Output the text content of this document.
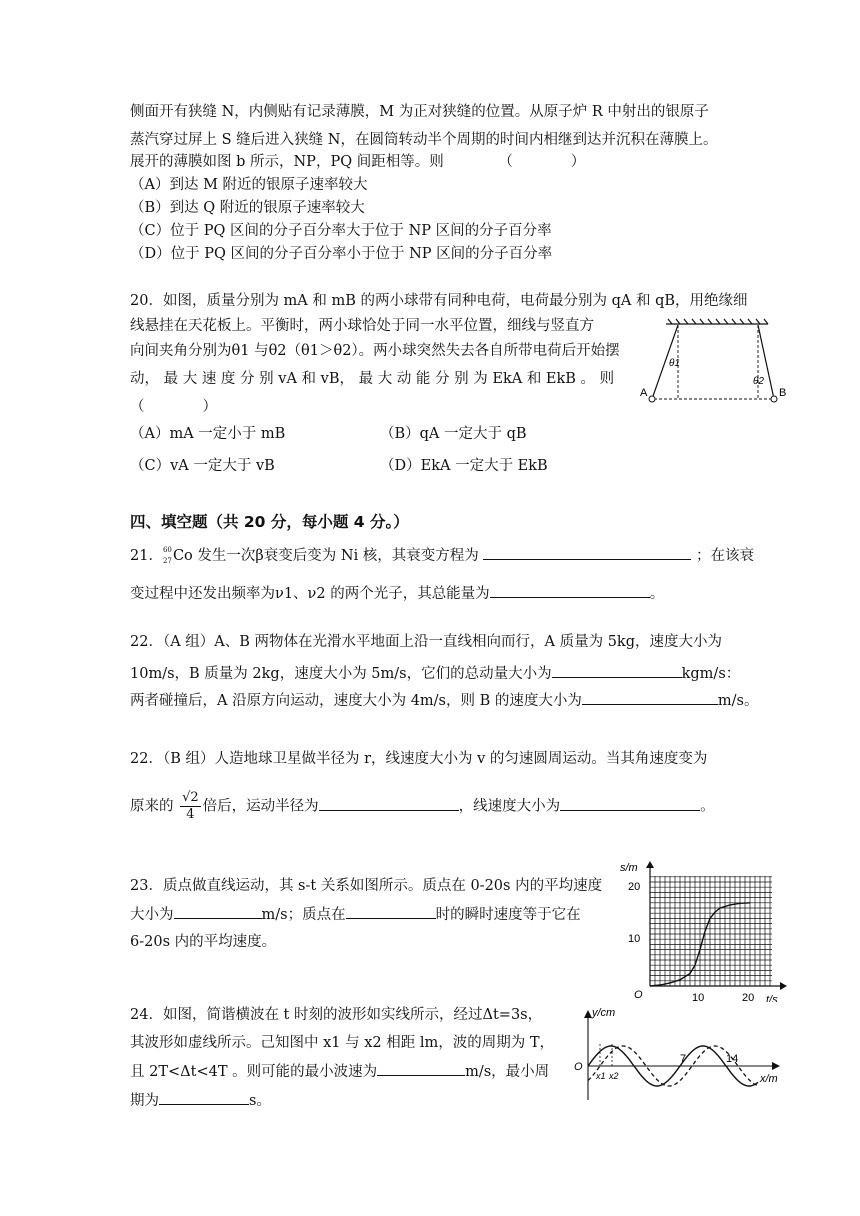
侧面开有狭缝 N，内侧贴有记录薄膜，M 为正对狭缝的位置。从原子炉 R 中射出的银原子
蒸汽穿过屏上 S 缝后进入狭缝 N，在圆筒转动半个周期的时间内相继到达并沉积在薄膜上。
展开的薄膜如图 b 所示，NP，PQ 间距相等。则	（　　　　）
（A）到达 M 附近的银原子速率较大
（B）到达 Q 附近的银原子速率较大
（C）位于 PQ 区间的分子百分率大于位于 NP 区间的分子百分率
（D）位于 PQ 区间的分子百分率小于位于 NP 区间的分子百分率
20．如图，质量分别为 mA 和 mB 的两小球带有同种电荷，电荷最分别为 qA 和 qB，用绝缘细
线悬挂在天花板上。平衡时，两小球恰处于同一水平位置，细线与竖直方
向间夹角分别为θ1 与θ2（θ1＞θ2）。两小球突然失去各自所带电荷后开始摆
动， 最 大 速 度 分 别 vA 和 vB， 最 大 动 能 分 别 为 EkA 和 EkB 。 则
（　　　　）
（A）mA 一定小于 mB	（B）qA 一定大于 qB
（C）vA 一定大于 vB	（D）EkA 一定大于 EkB
A	B
θ1
θ2
四、填空题（共 20 分，每小题 4 分。）
21． 60
27 Co 发生一次β衰变后变为 Ni 核，其衰变方程为	；在该衰
变过程中还发出频率为ν1、ν2 的两个光子，其总能量为	。
22．（A 组）A、B 两物体在光滑水平地面上沿一直线相向而行，A 质量为 5kg，速度大小为
10m/s，B 质量为 2kg，速度大小为 5m/s，它们的总动量大小为	kgm/s：
两者碰撞后，A 沿原方向运动，速度大小为 4m/s，则 B 的速度大小为	m/s。
22．（B 组）人造地球卫星做半径为 r，线速度大小为 v 的匀速圆周运动。当其角速度变为
原来的 $\frac{√2}{4}$ 倍后，运动半径为	，线速度大小为	。
23．质点做直线运动，其 s-t 关系如图所示。质点在 0-20s 内的平均速度
大小为	m/s；质点在	时的瞬时速度等于它在
6-20s 内的平均速度。
s/m
t/s
O
20
10
10	20
24．如图，简谐横波在 t 时刻的波形如实线所示，经过Δt=3s，
其波形如虚线所示。己知图中 x1 与 x2 相距 lm，波的周期为 T，
且 2T<Δt<4T 。则可能的最小波速为	m/s，最小周
期为	s。
y/cm
x/m
O
7	14
x1 x2
